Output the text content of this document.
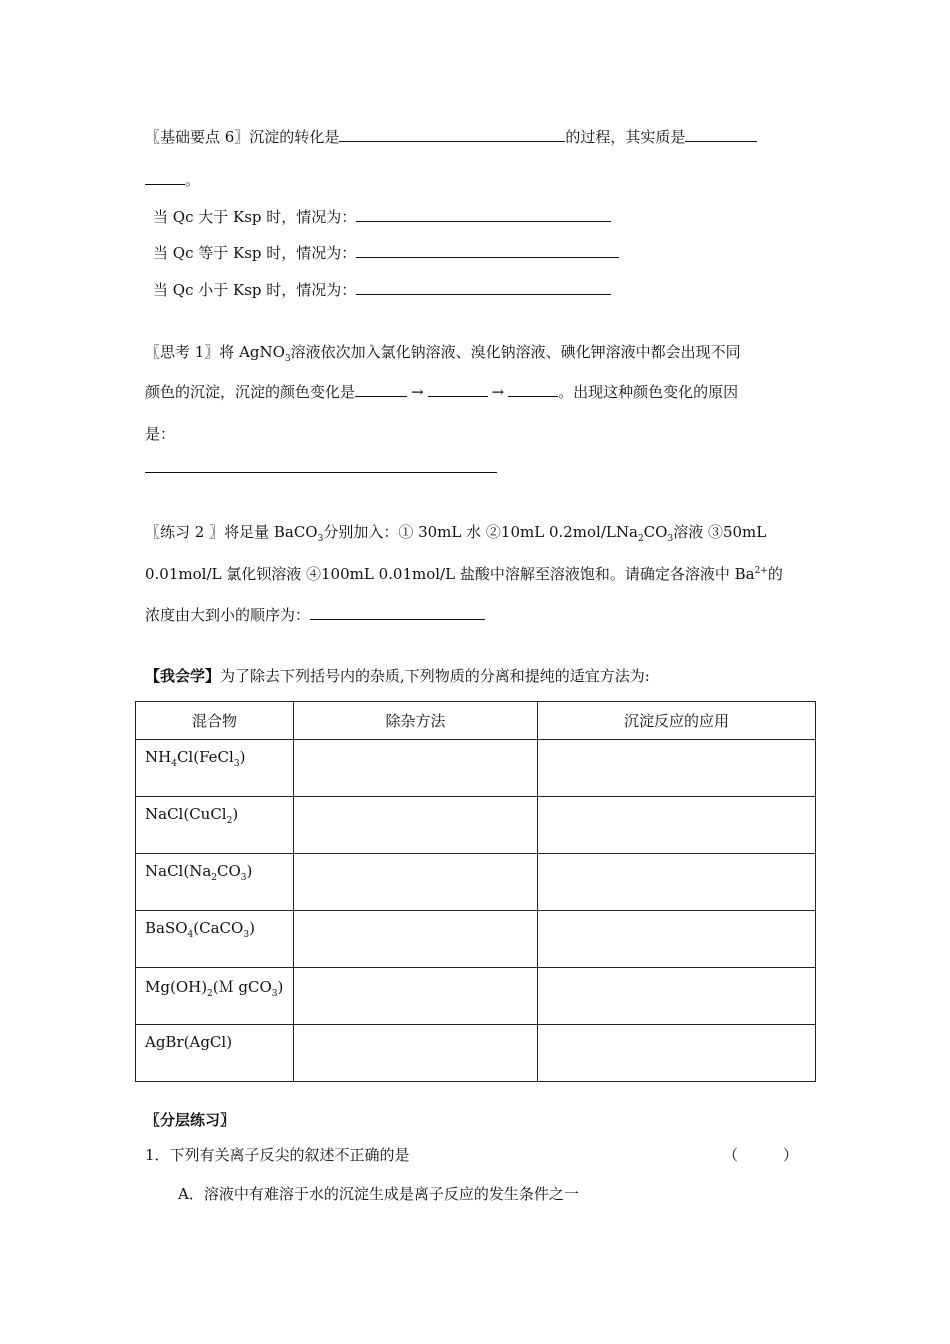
〖基础要点 6〗沉淀的转化是	的过程，其实质是
。
当 Qc 大于 Ksp 时，情况为：
当 Qc 等于 Ksp 时，情况为：
当 Qc 小于 Ksp 时，情况为：
〖思考 1〗将 AgNO$_3$溶液依次加入氯化钠溶液、溴化钠溶液、碘化钾溶液中都会出现不同
颜色的沉淀，沉淀的颜色变化是	→	→	。出现这种颜色变化的原因
是：
〖练习 2 〗将足量 BaCO$_3$分别加入：① 30mL 水 ②10mL $0.2mol/LNa_2CO_3$溶液 ③50mL
0.01mol/L 氯化钡溶液 ④100mL 0.01mol/L 盐酸中溶解至溶液饱和。请确定各溶液中 $Ba^{2+}$的
浓度由大到小的顺序为：
【我会学】为了除去下列括号内的杂质,下列物质的分离和提纯的适宜方法为:
混合物	除杂方法	沉淀反应的应用
$NH_4Cl(FeCl_3)$		
NaCl(CuCl$_2$)		
$NaCl(Na_2CO_3)$		
BaSO$_4$(CaCO$_3$)		
$Mg(OH)_2(M$ gCO$_3$)		
AgBr(AgCl)		
〖分层练习〗
1．下列有关离子反尖的叙述不正确的是	（　　　）
A．溶液中有难溶于水的沉淀生成是离子反应的发生条件之一
